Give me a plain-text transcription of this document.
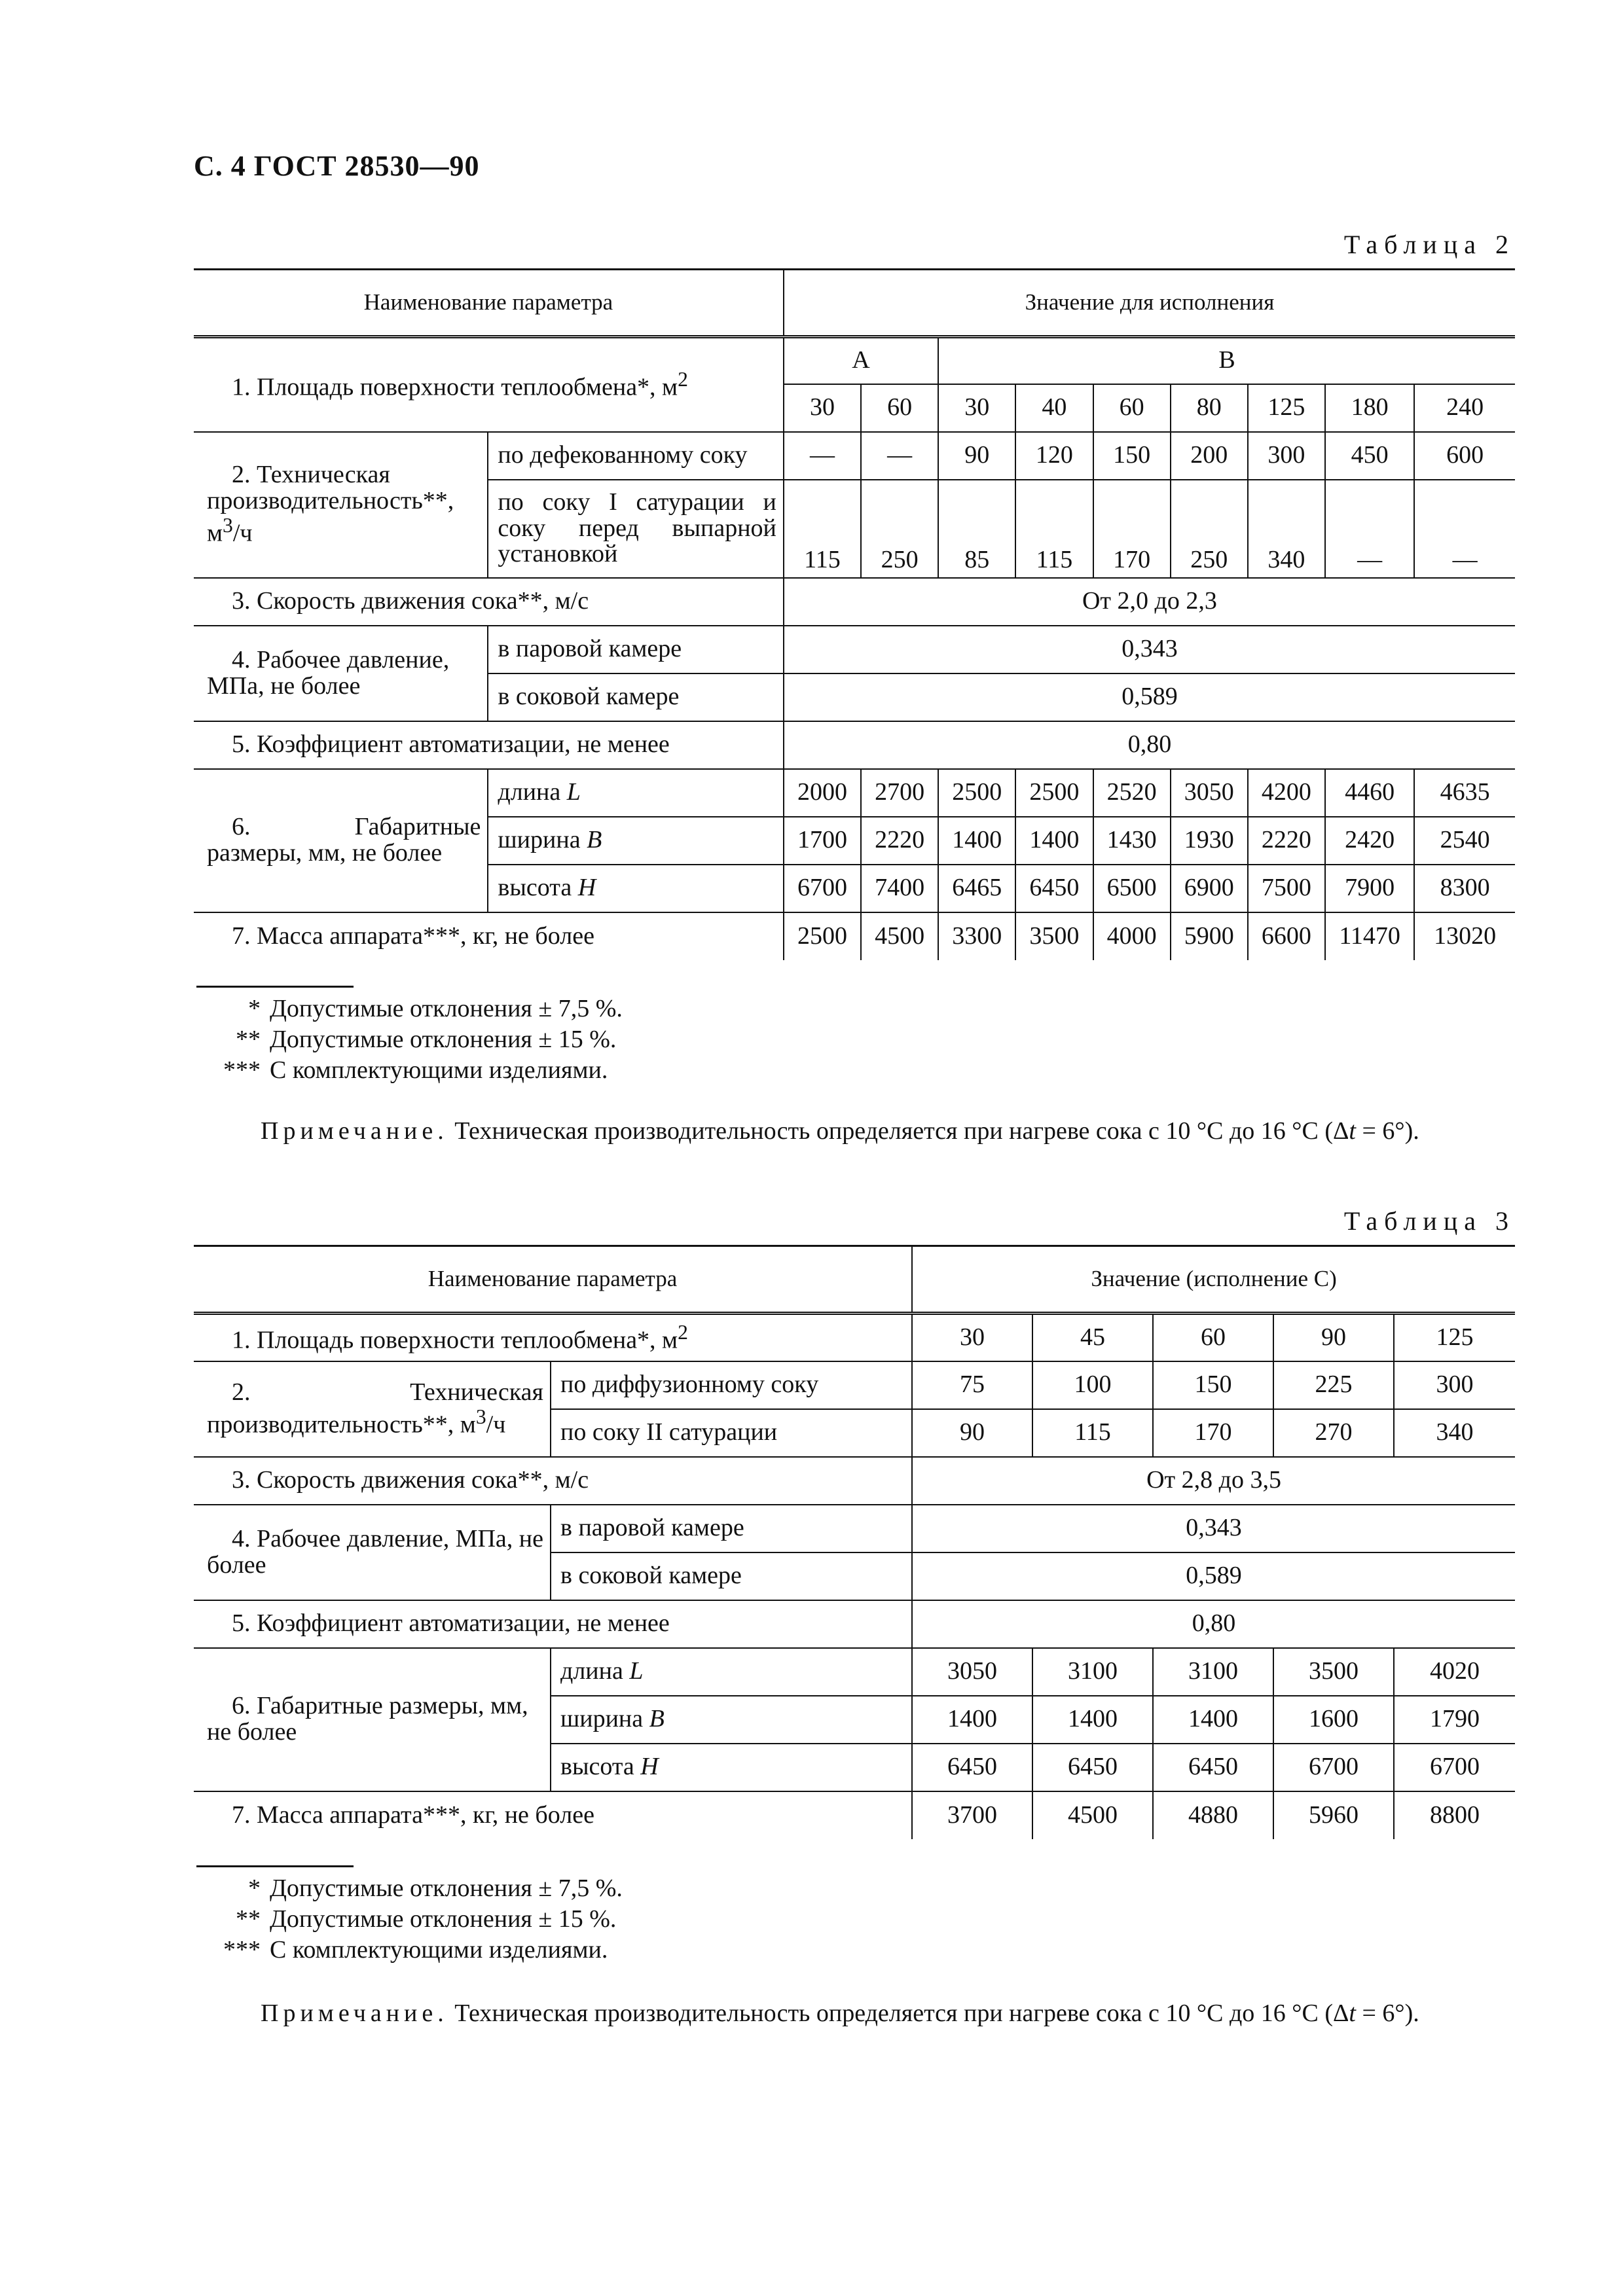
С. 4 ГОСТ 28530—90
Таблица 2
Наименование параметра		Значение для исполнения								
1. Площадь поверхности теплообмена*, $м^2$		А		В						
		30	60	30	40	60	80	125	180	240
2. Техническая производительность**, $м^3/ч$	по дефекованному соку	—	—	90	120	150	200	300	450	600
	по соку I сатурации и соку перед выпарной установкой	115	250	85	115	170	250	340	—	—
3. Скорость движения сока**, м/с		От 2,0 до 2,3								
4. Рабочее давление, МПа, не более	в паровой камере	0,343								
	в соковой камере	0,589								
5. Коэффициент автоматизации, не менее		0,80								
6. Габаритные размеры, мм, не более	длина L	2000	2700	2500	2500	2520	3050	4200	4460	4635
	ширина B	1700	2220	1400	1400	1430	1930	2220	2420	2540
	высота H	6700	7400	6465	6450	6500	6900	7500	7900	8300
7. Масса аппарата***, кг, не более		2500	4500	3300	3500	4000	5900	6600	11470	13020
* Допустимые отклонения ± 7,5 %.
** Допустимые отклонения ± 15 %.
*** С комплектующими изделиями.
Примечание. Техническая производительность определяется при нагреве сока с 10 °С до 16 °С (Δt = 6°).
Таблица 3
Наименование параметра		Значение (исполнение С)				
1. Площадь поверхности теплообмена*, $м^2$		30	45	60	90	125
2. Техническая производительность**, $м^3/ч$	по диффузионному соку	75	100	150	225	300
	по соку II сатурации	90	115	170	270	340
3. Скорость движения сока**, м/с		От 2,8 до 3,5				
4. Рабочее давление, МПа, не более	в паровой камере	0,343				
	в соковой камере	0,589				
5. Коэффициент автоматизации, не менее		0,80				
6. Габаритные размеры, мм, не более	длина L	3050	3100	3100	3500	4020
	ширина B	1400	1400	1400	1600	1790
	высота H	6450	6450	6450	6700	6700
7. Масса аппарата***, кг, не более		3700	4500	4880	5960	8800
* Допустимые отклонения ± 7,5 %.
** Допустимые отклонения ± 15 %.
*** С комплектующими изделиями.
Примечание. Техническая производительность определяется при нагреве сока с 10 °С до 16 °С (Δt = 6°).
